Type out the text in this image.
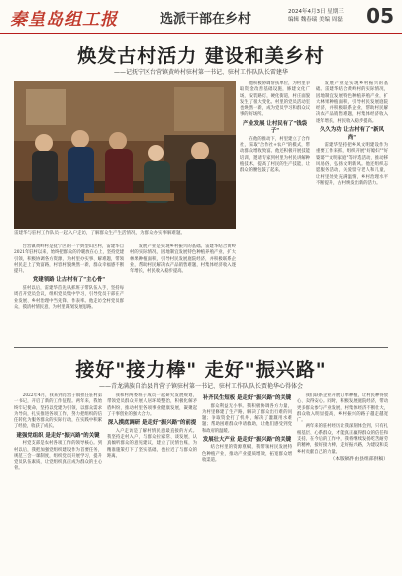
秦皇岛组工报	选派干部在乡村	2024年4月3日 星期三
编辑 魏春瑞 美编 周磊 05
焕发古村活力 建设和美乡村
——记抚宁区台营镇黄岭村驻村第一书记、驻村工作队队长雷建华
雷建华与驻村工作队员一起入户走访，了解群众生产生活情况，为群众办实事解难题。

台营镇黄岭村是抚宁区的一个典型山区村，雷建华自2021年驻村以来，始终把群众的冷暖放在心上，坚持党建引领，积极协调各方资源，为村里办实事、解难题，带领村民走上了致富路，村容村貌焕然一新，群众幸福感不断提升。

党建领路 让古村有了"主心骨"

驻村以后，雷建华首先从抓班子带队伍入手，坚持每周召开党员会议，组织党员集中学习，引导党员干部在产业发展、乡村治理中当先锋、作表率。他走访全村党员群众，摸清村情民意，为村里谋划发展思路。

发展产业是实现乡村振兴的基础。雷建华结合黄岭村的实际情况，因地制宜发展特色种植养殖产业，扩大林果种植面积，引导村民发展庭院经济，并积极联系企业，帮助村民解决农产品销售难题，村集体经济收入逐年增长，村民收入稳步提高。

他积极协调帮扶单位，为村里争取资金改善基础设施，修建文化广场，安装路灯，硬化街道，村庄面貌发生了很大变化。村里的党员活动室也焕然一新，成为党员学习和群众议事的好场所。

产业发展 让村民有了"钱袋子"

在他的推动下，村里建立了合作社，采取"合作社+农户"的模式，带动群众增收致富。他还积极开展技能培训，邀请专家到村里为村民讲解种植技术，提高了村民的生产技能，让群众的腰包鼓了起来。

发展产业是实现乡村振兴的基础。雷建华结合黄岭村的实际情况，因地制宜发展特色种植养殖产业，扩大林果种植面积，引导村民发展庭院经济，并积极联系企业，帮助村民解决农产品销售难题，村集体经济收入逐年增长，村民收入稳步提高。

久久为功 让古村有了"新风尚"

雷建华坚持把乡风文明建设作为重要工作来抓，组织开展"好媳妇""好婆婆""文明家庭"等评选活动，推动移风易俗，弘扬文明新风。他还组织志愿服务活动，关爱留守老人和儿童，让村里处处充满温情，乡村治理水平不断提升，古村焕发出新的活力。

接好"接力棒" 走好"振兴路"
——青龙满族自治县肖营子镇驻村第一书记、驻村工作队队长贾艳华心得体会

2022年4月，我来到肖营子镇担任驻村第一书记，开启了新的工作征程。两年来，我始终牢记使命，坚持以党建为引领，以群众需求为导向，扎实推进各项工作，努力把组织的信任转化为服务群众的实际行动，在实践中积累了经验，收获了成长。

建强党组织 是走好"振兴路"的关键

村党支部是农村各项工作的领导核心。到村以后，我把加强党组织建设作为首要任务，规范三会一课制度，组织党员开展学习，提升党员队伍素质，让党组织真正成为群众的主心骨。

我和村两委班子成员一起研究发展规划，带领党员群众开展人居环境整治，积极化解矛盾纠纷，推动村里各项事业健康发展，凝聚起了干事创业的强大合力。

深入摸底调研 是走好"振兴路"的前提

入户走访是了解村情民意最直接的方式。我坚持走村入户，与群众拉家常、谈发展，认真倾听群众的意见建议，建立了民情台账，为精准施策打下了坚实基础，也拉近了与群众的距离。

补齐民生短板 是走好"振兴路"的关键

群众利益无小事。我积极协调各方力量，为村里修建了生产路，解决了群众出行难的问题；争取资金打了机井，解决了灌溉用水难题；帮助困难群众申请救助，让他们感受到党和政府的温暖。

发展壮大产业 是走好"振兴路"的关键

结合村里的资源禀赋，我带领村民发展特色种植产业，推动产业提质增效，拓宽群众增收渠道。

我们联系企业开展订单种植，让村民种得放心、卖得安心。同时，积极发展庭院经济，带动更多群众参与产业发展，村集体经济不断壮大，群众收入明显提高，乡村振兴的路子越走越宽广。

两年来的驻村经历让我深刻体会到，只有扎根基层、心系群众，才能真正赢得群众的信任和支持。在今后的工作中，我将继续发扬吃苦耐劳的精神，接好接力棒，走好振兴路，为建设和美乡村贡献自己的力量。

（本版稿件由县组部供稿）
